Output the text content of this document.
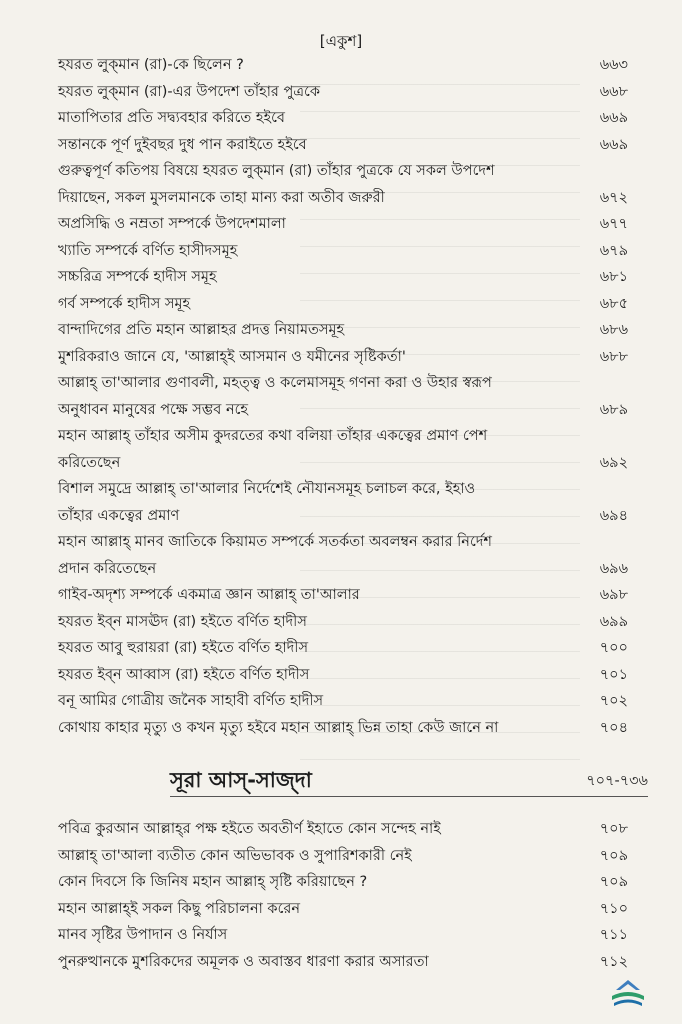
[একুশ]
হযরত লুক্‌মান (রা)-কে ছিলেন ?	৬৬৩
হযরত লুক্‌মান (রা)-এর উপদেশ তাঁহার পুত্রকে	৬৬৮
মাতাপিতার প্রতি সদ্ব্যবহার করিতে হইবে	৬৬৯
সন্তানকে পূর্ণ দুইবছর দুধ পান করাইতে হইবে	৬৬৯
গুরুত্বপূর্ণ কতিপয় বিষয়ে হযরত লুক্‌মান (রা) তাঁহার পুত্রকে যে সকল উপদেশ
দিয়াছেন, সকল মুসলমানকে তাহা মান্য করা অতীব জরুরী	৬৭২
অপ্রসিদ্ধি ও নম্রতা সম্পর্কে উপদেশমালা	৬৭৭
খ্যাতি সম্পর্কে বর্ণিত হাসীদসমূহ	৬৭৯
সচ্চরিত্র সম্পর্কে হাদীস সমূহ	৬৮১
গর্ব সম্পর্কে হাদীস সমূহ	৬৮৫
বান্দাদিগের প্রতি মহান আল্লাহর প্রদত্ত নিয়ামতসমূহ	৬৮৬
মুশরিকরাও জানে যে, 'আল্লাহ্‌ই আসমান ও যমীনের সৃষ্টিকর্তা'	৬৮৮
আল্লাহ্‌ তা'আলার গুণাবলী, মহত্ত্ব ও কলেমাসমূহ গণনা করা ও উহার স্বরূপ
অনুধাবন মানুষের পক্ষে সম্ভব নহে	৬৮৯
মহান আল্লাহ্‌ তাঁহার অসীম কুদরতের কথা বলিয়া তাঁহার একত্বের প্রমাণ পেশ
করিতেছেন	৬৯২
বিশাল সমুদ্রে আল্লাহ্‌ তা'আলার নির্দেশেই নৌযানসমূহ চলাচল করে, ইহাও
তাঁহার একত্বের প্রমাণ	৬৯৪
মহান আল্লাহ্‌ মানব জাতিকে কিয়ামত সম্পর্কে সতর্কতা অবলম্বন করার নির্দেশ
প্রদান করিতেছেন	৬৯৬
গাইব-অদৃশ্য সম্পর্কে একমাত্র জ্ঞান আল্লাহ্‌ তা'আলার	৬৯৮
হযরত ইব্‌ন মাসঊদ (রা) হইতে বর্ণিত হাদীস	৬৯৯
হযরত আবু হুরায়রা (রা) হইতে বর্ণিত হাদীস	৭০০
হযরত ইব্‌ন আব্বাস (রা) হইতে বর্ণিত হাদীস	৭০১
বনূ আমির গোত্রীয় জনৈক সাহাবী বর্ণিত হাদীস	৭০২
কোথায় কাহার মৃত্যু ও কখন মৃত্যু হইবে মহান আল্লাহ্‌ ভিন্ন তাহা কেউ জানে না	৭০৪
সূরা আস্‌-সাজ্‌দা	৭০৭-৭৩৬
পবিত্র কুরআন আল্লাহ্‌র পক্ষ হইতে অবতীর্ণ ইহাতে কোন সন্দেহ নাই	৭০৮
আল্লাহ্‌ তা'আলা ব্যতীত কোন অভিভাবক ও সুপারিশকারী নেই	৭০৯
কোন দিবসে কি জিনিষ মহান আল্লাহ্‌ সৃষ্টি করিয়াছেন ?	৭০৯
মহান আল্লাহ্‌ই সকল কিছু পরিচালনা করেন	৭১০
মানব সৃষ্টির উপাদান ও নির্যাস	৭১১
পুনরুত্থানকে মুশরিকদের অমূলক ও অবাস্তব ধারণা করার অসারতা	৭১২
